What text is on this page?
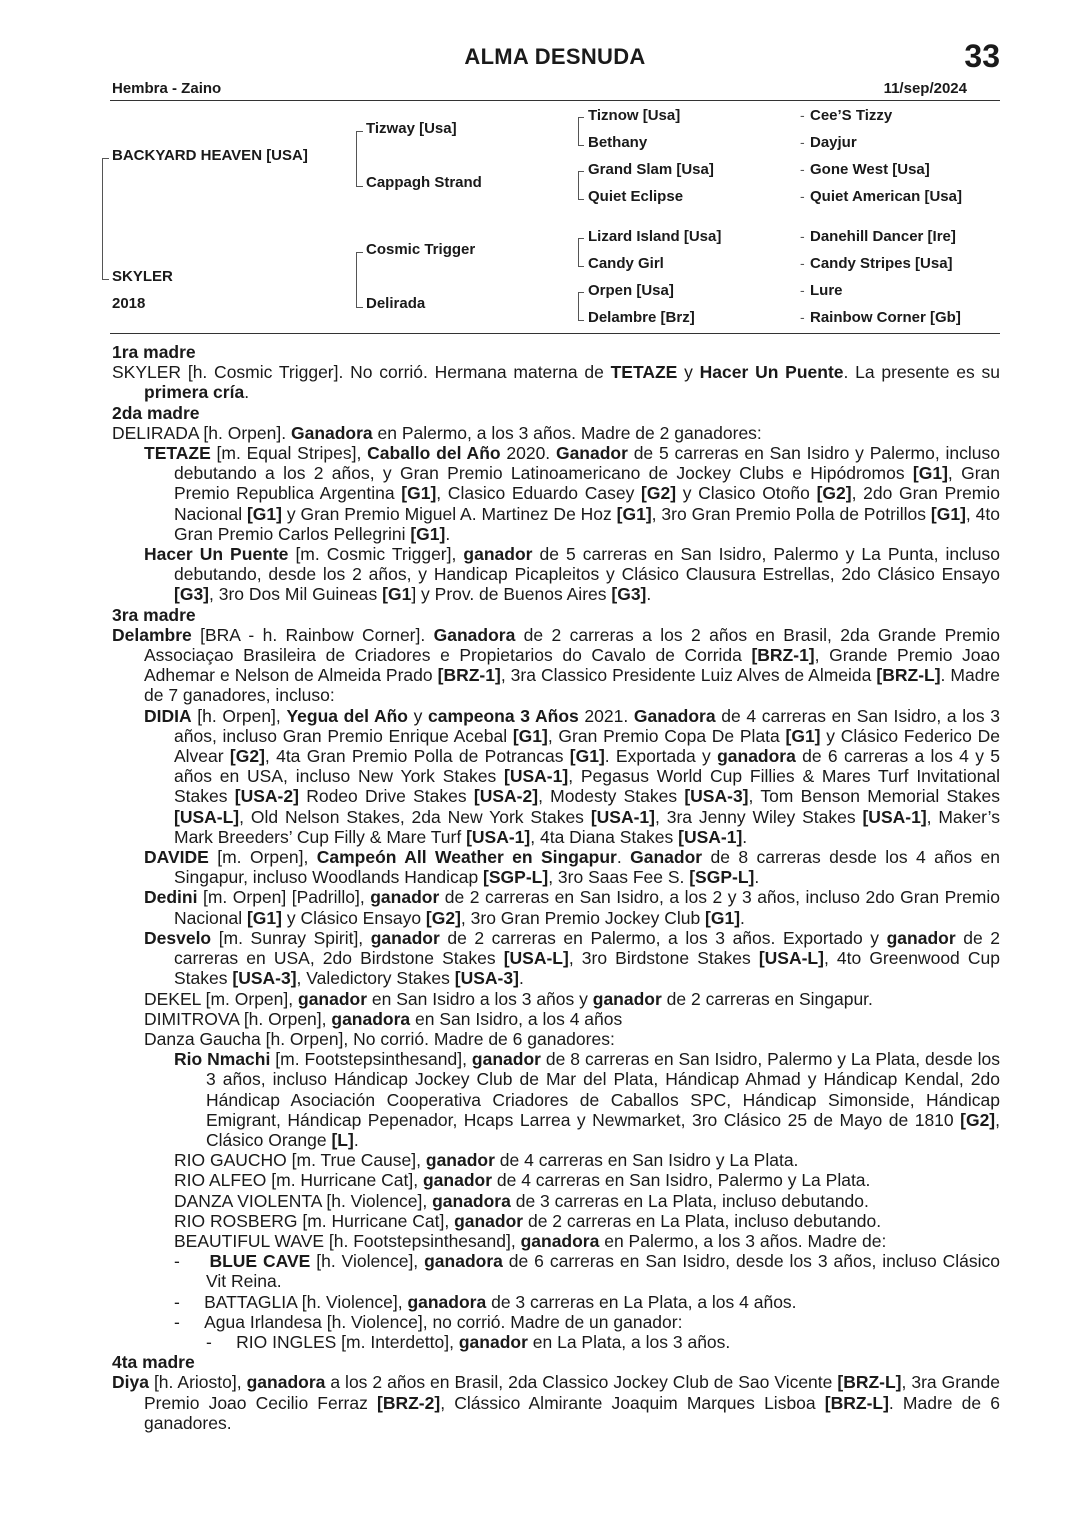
ALMA DESNUDA	33
Hembra - Zaino	11/sep/2024
BACKYARD HEAVEN [USA]
SKYLER
2018
Tizway [Usa]
Cappagh Strand
Cosmic Trigger
Delirada
Tiznow [Usa]
Bethany
Grand Slam [Usa]
Quiet Eclipse
Lizard Island [Usa]
Candy Girl
Orpen [Usa]
Delambre [Brz]
-
-
-
-
-
-
-
-
Cee’S Tizzy
Dayjur
Gone West [Usa]
Quiet American [Usa]
Danehill Dancer [Ire]
Candy Stripes [Usa]
Lure
Rainbow Corner [Gb]
1ra madre
SKYLER [h. Cosmic Trigger]. No corrió. Hermana materna de TETAZE y Hacer Un Puente. La presente es su primera cría.
2da madre
DELIRADA [h. Orpen]. Ganadora en Palermo, a los 3 años. Madre de 2 ganadores:
TETAZE [m. Equal Stripes], Caballo del Año 2020. Ganador de 5 carreras en San Isidro y Palermo, incluso debutando a los 2 años, y Gran Premio Latinoamericano de Jockey Clubs e Hipódromos [G1], Gran Premio Republica Argentina [G1], Clasico Eduardo Casey [G2] y Clasico Otoño [G2], 2do Gran Premio Nacional [G1] y Gran Premio Miguel A. Martinez De Hoz [G1], 3ro Gran Premio Polla de Potrillos [G1], 4to Gran Premio Carlos Pellegrini [G1].
Hacer Un Puente [m. Cosmic Trigger], ganador de 5 carreras en San Isidro, Palermo y La Punta, incluso debutando, desde los 2 años, y Handicap Picapleitos y Clásico Clausura Estrellas, 2do Clásico Ensayo [G3], 3ro Dos Mil Guineas [G1] y Prov. de Buenos Aires [G3].
3ra madre
Delambre [BRA - h. Rainbow Corner]. Ganadora de 2 carreras a los 2 años en Brasil, 2da Grande Premio Associaçao Brasileira de Criadores e Propietarios do Cavalo de Corrida [BRZ-1], Grande Premio Joao Adhemar e Nelson de Almeida Prado [BRZ-1], 3ra Classico Presidente Luiz Alves de Almeida [BRZ-L]. Madre de 7 ganadores, incluso:
DIDIA [h. Orpen], Yegua del Año y campeona 3 Años 2021. Ganadora de 4 carreras en San Isidro, a los 3 años, incluso Gran Premio Enrique Acebal [G1], Gran Premio Copa De Plata [G1] y Clásico Federico De Alvear [G2], 4ta Gran Premio Polla de Potrancas [G1]. Exportada y ganadora de 6 carreras a los 4 y 5 años en USA, incluso New York Stakes [USA-1], Pegasus World Cup Fillies & Mares Turf Invitational Stakes [USA-2] Rodeo Drive Stakes [USA-2], Modesty Stakes [USA-3], Tom Benson Memorial Stakes [USA-L], Old Nelson Stakes, 2da New York Stakes [USA-1], 3ra Jenny Wiley Stakes [USA-1], Maker’s Mark Breeders’ Cup Filly & Mare Turf [USA-1], 4ta Diana Stakes [USA-1].
DAVIDE [m. Orpen], Campeón All Weather en Singapur. Ganador de 8 carreras desde los 4 años en Singapur, incluso Woodlands Handicap [SGP-L], 3ro Saas Fee S. [SGP-L].
Dedini [m. Orpen] [Padrillo], ganador de 2 carreras en San Isidro, a los 2 y 3 años, incluso 2do Gran Premio Nacional [G1] y Clásico Ensayo [G2], 3ro Gran Premio Jockey Club [G1].
Desvelo [m. Sunray Spirit], ganador de 2 carreras en Palermo, a los 3 años. Exportado y ganador de 2 carreras en USA, 2do Birdstone Stakes [USA-L], 3ro Birdstone Stakes [USA-L], 4to Greenwood Cup Stakes [USA-3], Valedictory Stakes [USA-3].
DEKEL [m. Orpen], ganador en San Isidro a los 3 años y ganador de 2 carreras en Singapur.
DIMITROVA [h. Orpen], ganadora en San Isidro, a los 4 años
Danza Gaucha [h. Orpen], No corrió. Madre de 6 ganadores:
Rio Nmachi [m. Footstepsinthesand], ganador de 8 carreras en San Isidro, Palermo y La Plata, desde los 3 años, incluso Hándicap Jockey Club de Mar del Plata, Hándicap Ahmad y Hándicap Kendal, 2do Hándicap Asociación Cooperativa Criadores de Caballos SPC, Hándicap Simonside, Hándicap Emigrant, Hándicap Pepenador, Hcaps Larrea y Newmarket, 3ro Clásico 25 de Mayo de 1810 [G2], Clásico Orange [L].
RIO GAUCHO [m. True Cause], ganador de 4 carreras en San Isidro y La Plata.
RIO ALFEO [m. Hurricane Cat], ganador de 4 carreras en San Isidro, Palermo y La Plata.
DANZA VIOLENTA [h. Violence], ganadora de 3 carreras en La Plata, incluso debutando.
RIO ROSBERG [m. Hurricane Cat], ganador de 2 carreras en La Plata, incluso debutando.
BEAUTIFUL WAVE [h. Footstepsinthesand], ganadora en Palermo, a los 3 años. Madre de:
-     BLUE CAVE [h. Violence], ganadora de 6 carreras en San Isidro, desde los 3 años, incluso Clásico Vit Reina.
-     BATTAGLIA [h. Violence], ganadora de 3 carreras en La Plata, a los 4 años.
-     Agua Irlandesa [h. Violence], no corrió. Madre de un ganador:
-     RIO INGLES [m. Interdetto], ganador en La Plata, a los 3 años.
4ta madre
Diya [h. Ariosto], ganadora a los 2 años en Brasil, 2da Classico Jockey Club de Sao Vicente [BRZ-L], 3ra Grande Premio Joao Cecilio Ferraz [BRZ-2], Clássico Almirante Joaquim Marques Lisboa [BRZ-L]. Madre de 6 ganadores.
